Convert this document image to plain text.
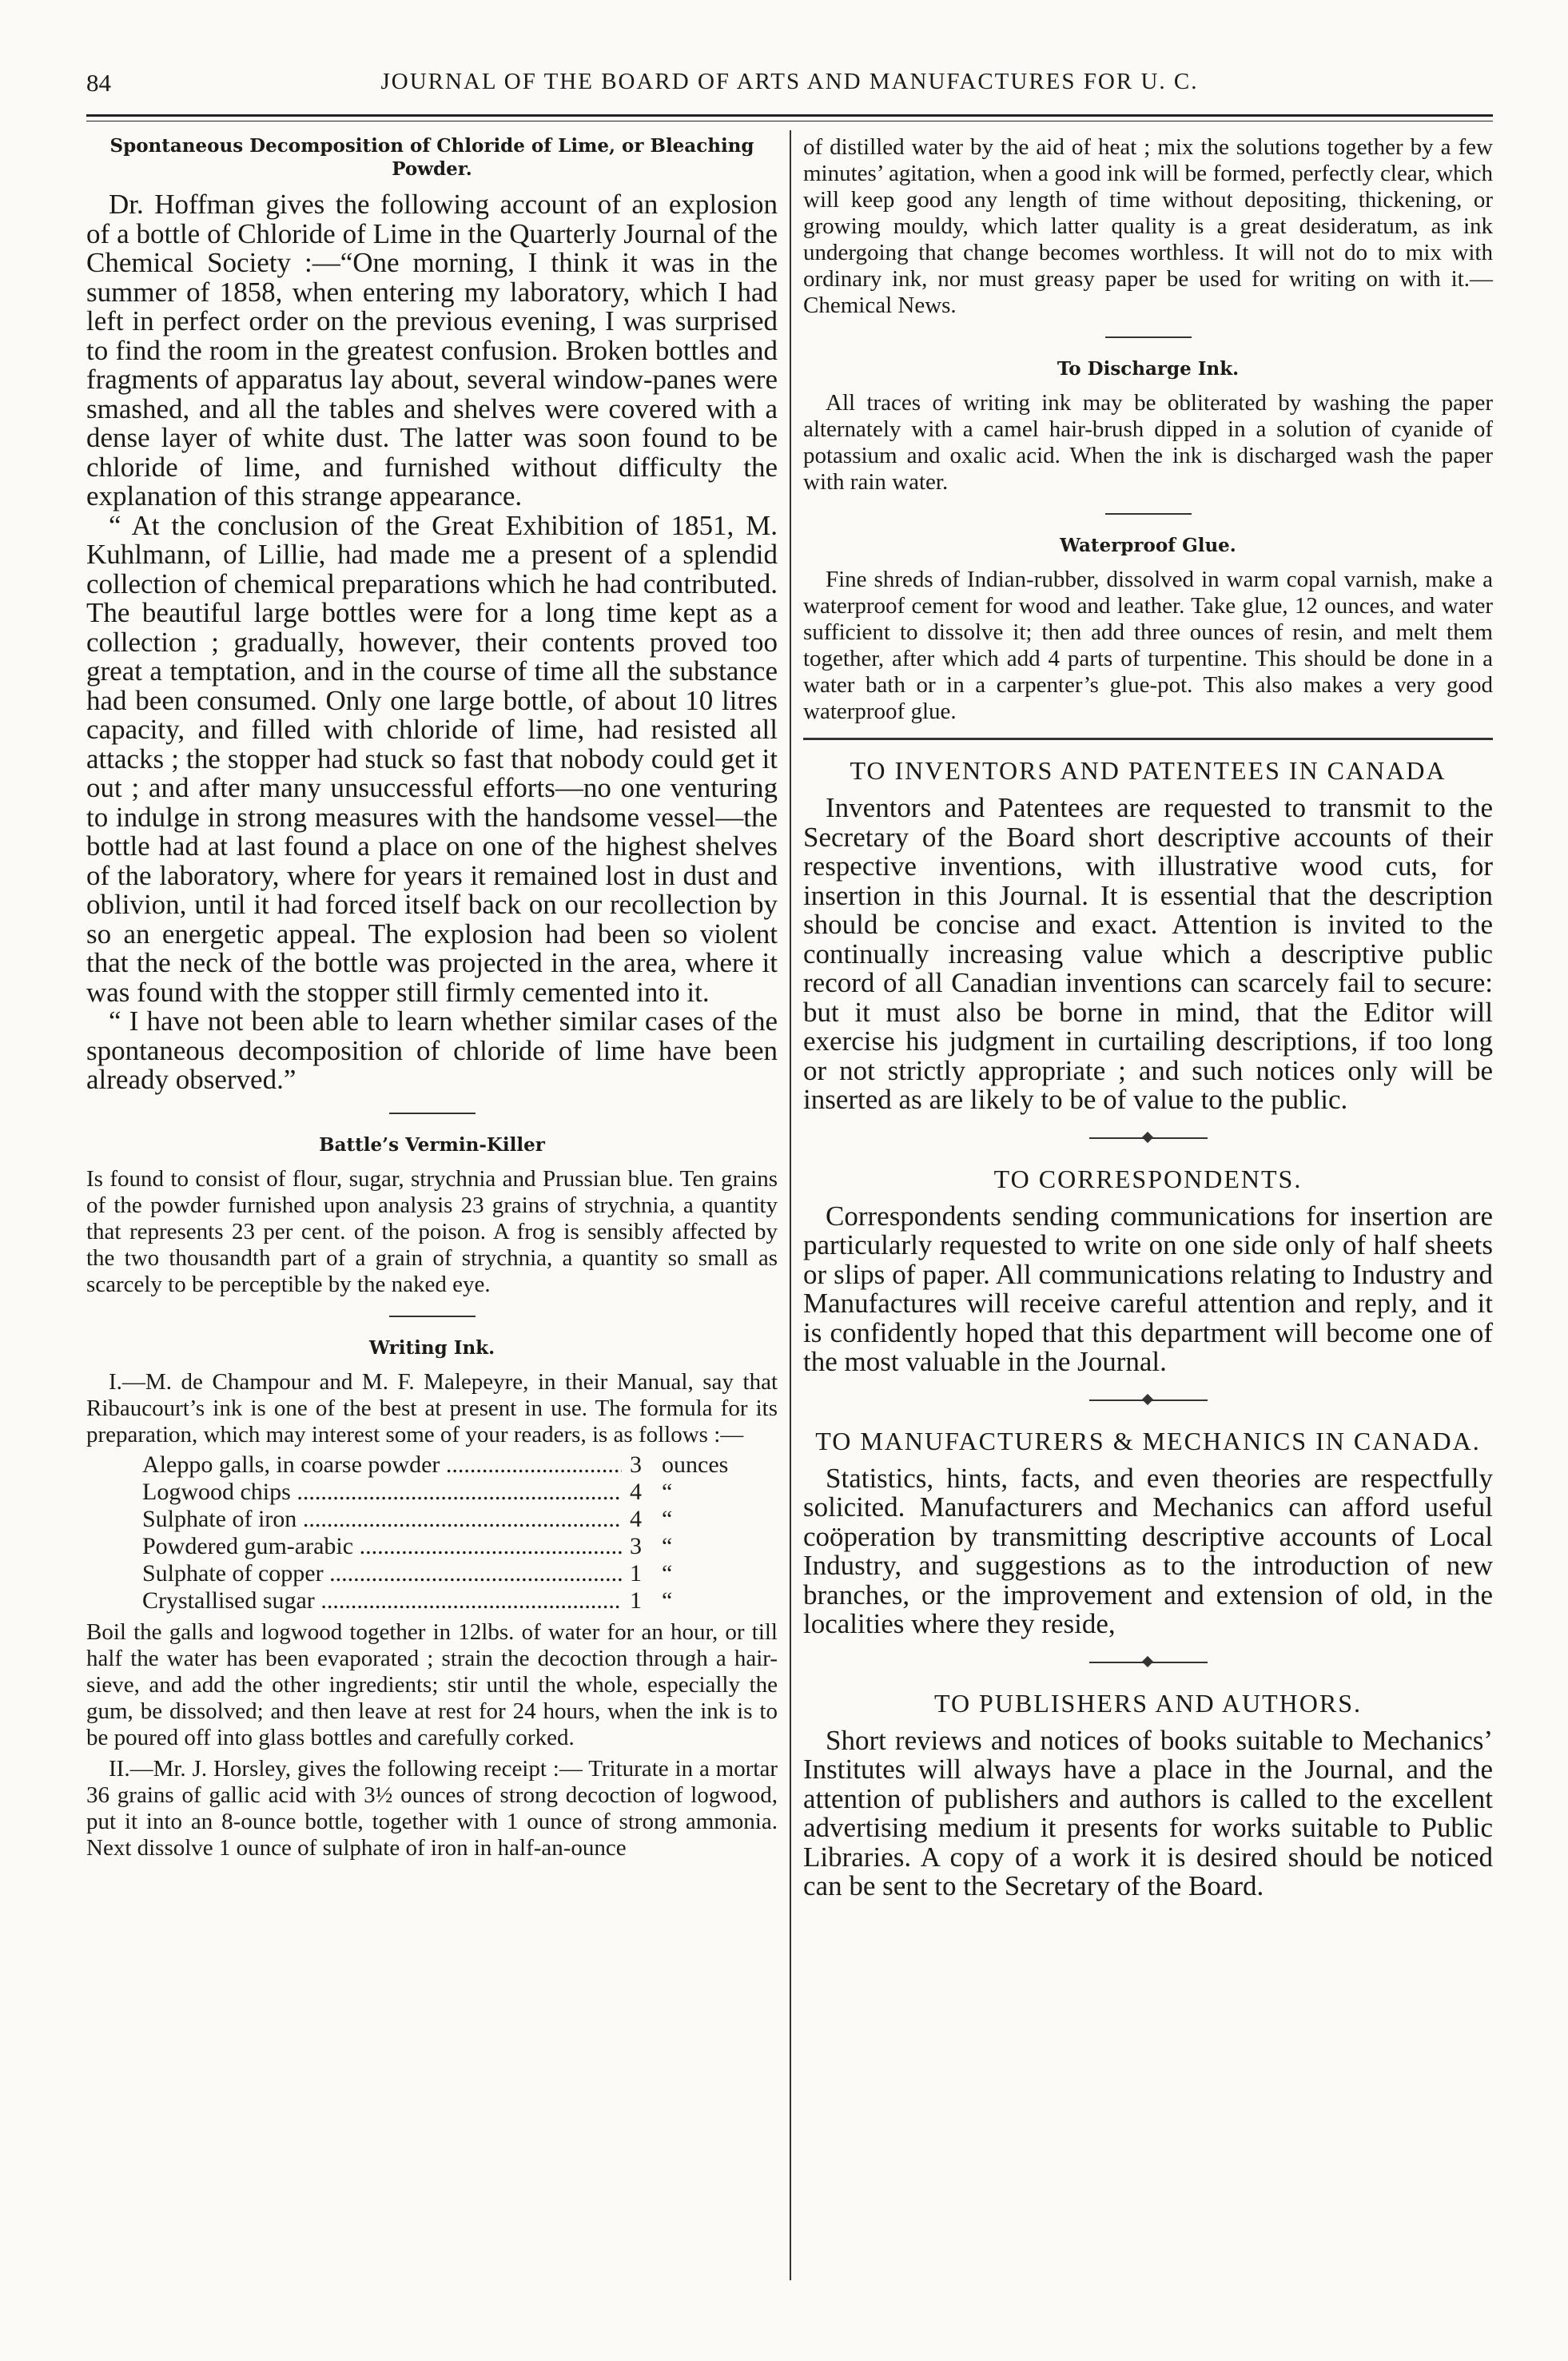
84	JOURNAL OF THE BOARD OF ARTS AND MANUFACTURES FOR U. C.
Spontaneous Decomposition of Chloride of Lime, or Bleaching Powder.

Dr. Hoffman gives the following account of an explosion of a bottle of Chloride of Lime in the Quarterly Journal of the Chemical Society :—“One morning, I think it was in the summer of 1858, when entering my laboratory, which I had left in perfect order on the previous evening, I was surprised to find the room in the greatest confusion. Broken bottles and fragments of apparatus lay about, several window-panes were smashed, and all the tables and shelves were covered with a dense layer of white dust. The latter was soon found to be chloride of lime, and furnished without difficulty the explanation of this strange appearance.

“ At the conclusion of the Great Exhibition of 1851, M. Kuhlmann, of Lillie, had made me a present of a splendid collection of chemical preparations which he had contributed. The beautiful large bottles were for a long time kept as a collection ; gradually, however, their contents proved too great a temptation, and in the course of time all the substance had been consumed. Only one large bottle, of about 10 litres capacity, and filled with chloride of lime, had resisted all attacks ; the stopper had stuck so fast that nobody could get it out ; and after many unsuccessful efforts—no one venturing to indulge in strong measures with the handsome vessel—the bottle had at last found a place on one of the highest shelves of the laboratory, where for years it remained lost in dust and oblivion, until it had forced itself back on our recollection by so an energetic appeal. The explosion had been so violent that the neck of the bottle was projected in the area, where it was found with the stopper still firmly cemented into it.

“ I have not been able to learn whether similar cases of the spontaneous decomposition of chloride of lime have been already observed.”

Battle’s Vermin-Killer

Is found to consist of flour, sugar, strychnia and Prussian blue. Ten grains of the powder furnished upon analysis 23 grains of strychnia, a quantity that represents 23 per cent. of the poison. A frog is sensibly affected by the two thousandth part of a grain of strychnia, a quantity so small as scarcely to be perceptible by the naked eye.

Writing Ink.

I.—M. de Champour and M. F. Malepeyre, in their Manual, say that Ribaucourt’s ink is one of the best at present in use. The formula for its preparation, which may interest some of your readers, is as follows :—

Aleppo galls, in coarse powder .....	3 ounces
Logwood chips .....	4 “
Sulphate of iron .....	4 “
Powdered gum-arabic .....	3 “
Sulphate of copper .....	1 “
Crystallised sugar .....	1 “

Boil the galls and logwood together in 12lbs. of water for an hour, or till half the water has been evaporated ; strain the decoction through a hair-sieve, and add the other ingredients; stir until the whole, especially the gum, be dissolved; and then leave at rest for 24 hours, when the ink is to be poured off into glass bottles and carefully corked.

II.—Mr. J. Horsley, gives the following receipt :— Triturate in a mortar 36 grains of gallic acid with 3½ ounces of strong decoction of logwood, put it into an 8-ounce bottle, together with 1 ounce of strong ammonia. Next dissolve 1 ounce of sulphate of iron in half-an-ounce

of distilled water by the aid of heat ; mix the solutions together by a few minutes’ agitation, when a good ink will be formed, perfectly clear, which will keep good any length of time without depositing, thickening, or growing mouldy, which latter quality is a great desideratum, as ink undergoing that change becomes worthless. It will not do to mix with ordinary ink, nor must greasy paper be used for writing on with it.—Chemical News.

To Discharge Ink.

All traces of writing ink may be obliterated by washing the paper alternately with a camel hair-brush dipped in a solution of cyanide of potassium and oxalic acid. When the ink is discharged wash the paper with rain water.

Waterproof Glue.

Fine shreds of Indian-rubber, dissolved in warm copal varnish, make a waterproof cement for wood and leather. Take glue, 12 ounces, and water sufficient to dissolve it; then add three ounces of resin, and melt them together, after which add 4 parts of turpentine. This should be done in a water bath or in a carpenter’s glue-pot. This also makes a very good waterproof glue.

TO INVENTORS AND PATENTEES IN CANADA

Inventors and Patentees are requested to transmit to the Secretary of the Board short descriptive accounts of their respective inventions, with illustrative wood cuts, for insertion in this Journal. It is essential that the description should be concise and exact. Attention is invited to the continually increasing value which a descriptive public record of all Canadian inventions can scarcely fail to secure: but it must also be borne in mind, that the Editor will exercise his judgment in curtailing descriptions, if too long or not strictly appropriate ; and such notices only will be inserted as are likely to be of value to the public.

TO CORRESPONDENTS.

Correspondents sending communications for insertion are particularly requested to write on one side only of half sheets or slips of paper. All communications relating to Industry and Manufactures will receive careful attention and reply, and it is confidently hoped that this department will become one of the most valuable in the Journal.

TO MANUFACTURERS & MECHANICS IN CANADA.

Statistics, hints, facts, and even theories are respectfully solicited. Manufacturers and Mechanics can afford useful coöperation by transmitting descriptive accounts of Local Industry, and suggestions as to the introduction of new branches, or the improvement and extension of old, in the localities where they reside,

TO PUBLISHERS AND AUTHORS.

Short reviews and notices of books suitable to Mechanics’ Institutes will always have a place in the Journal, and the attention of publishers and authors is called to the excellent advertising medium it presents for works suitable to Public Libraries. A copy of a work it is desired should be noticed can be sent to the Secretary of the Board.
